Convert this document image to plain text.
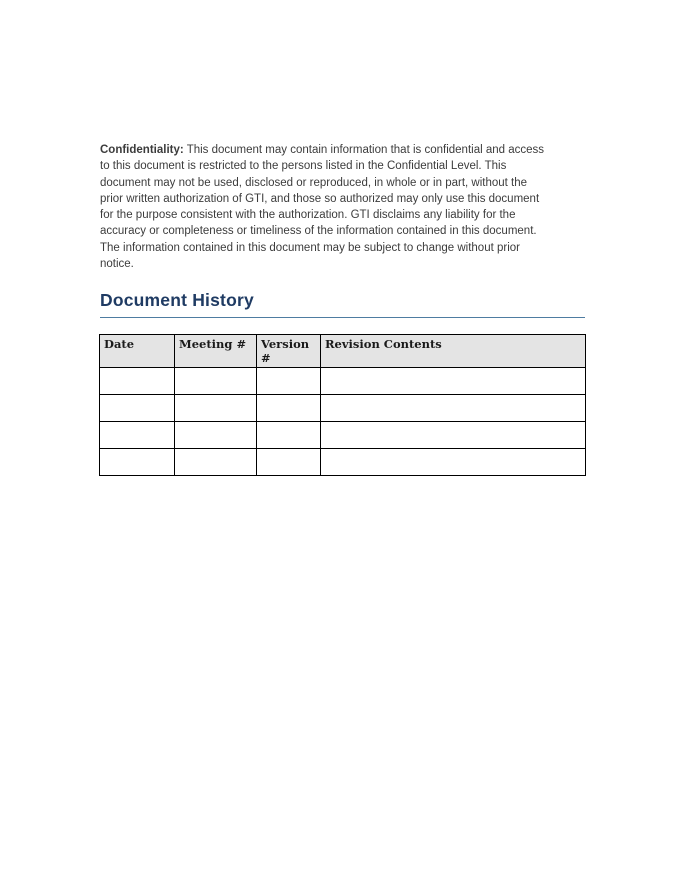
Confidentiality: This document may contain information that is confidential and access
to this document is restricted to the persons listed in the Confidential Level. This
document may not be used, disclosed or reproduced, in whole or in part, without the
prior written authorization of GTI, and those so authorized may only use this document
for the purpose consistent with the authorization. GTI disclaims any liability for the
accuracy or completeness or timeliness of the information contained in this document.
The information contained in this document may be subject to change without prior
notice.
Document History
Date	Meeting #	Version #	Revision Contents
